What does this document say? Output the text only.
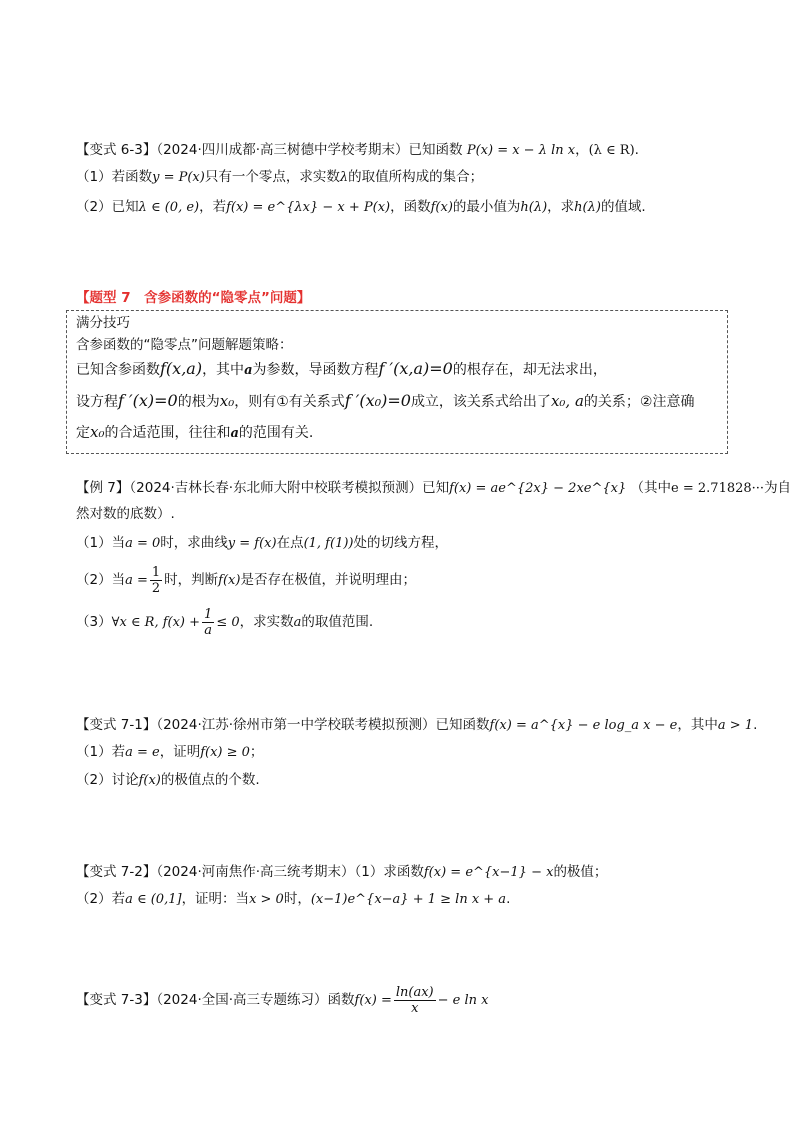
【变式 6-3】（2024·四川成都·高三树德中学校考期末）已知函数 P(x) = x − λ ln x，(λ ∈ R).
（1）若函数y = P(x)只有一个零点，求实数λ的取值所构成的集合；
（2）已知λ ∈ (0, e)，若f(x) = e^{λx} − x + P(x)，函数f(x)的最小值为h(λ)，求h(λ)的值域.
【题型 7　含参函数的“隐零点”问题】
满分技巧
含参函数的“隐零点”问题解题策略：
已知含参函数f(x,a)，其中a为参数，导函数方程f ′(x,a)=0的根存在，却无法求出，
设方程f ′(x)=0的根为x₀，则有①有关系式f ′(x₀)=0成立，该关系式给出了x₀, a的关系；②注意确
定x₀的合适范围，往往和a的范围有关.
【例 7】（2024·吉林长春·东北师大附中校联考模拟预测）已知f(x) = ae^{2x} − 2xe^{x} （其中e = 2.71828···为自
然对数的底数）.
（1）当a = 0时，求曲线y = f(x)在点(1, f(1))处的切线方程，
（2）当$a = \frac{1}{2}$ 时，判断f(x)是否存在极值，并说明理由；
（3）∀x ∈ R, $f(x) + \frac{1}{a} \le 0$，求实数a的取值范围.
【变式 7-1】（2024·江苏·徐州市第一中学校联考模拟预测）已知函数f(x) = a^{x} − e log_a x − e，其中a > 1.
（1）若a = e，证明f(x) ≥ 0；
（2）讨论f(x)的极值点的个数.
【变式 7-2】（2024·河南焦作·高三统考期末）（1）求函数f(x) = e^{x−1} − x的极值；
（2）若a ∈ (0,1]，证明：当x > 0时，(x−1)e^{x−a} + 1 ≥ ln x + a.
【变式 7-3】（2024·全国·高三专题练习）函数$f(x) = \frac{\ln(ax)}{x} - e$ ln x
